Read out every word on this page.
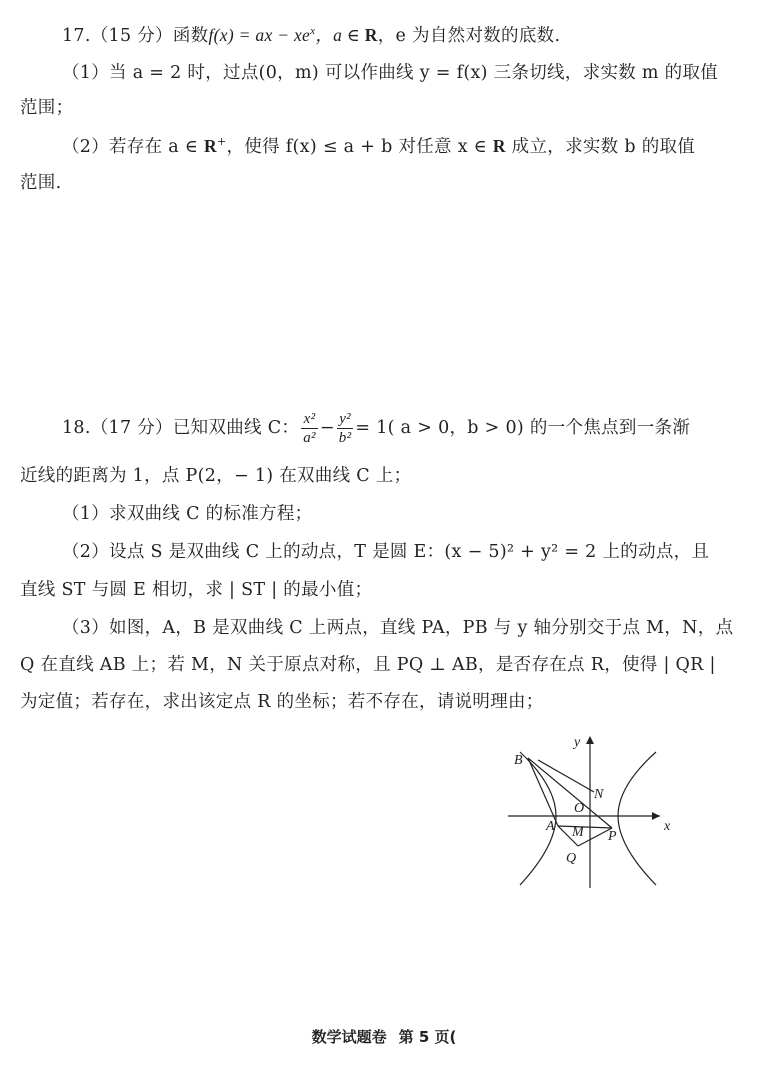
17.（15 分）函数f(x) = ax − $xe^x$，a ∈ R，e 为自然对数的底数.
（1）当 a = 2 时，过点(0，m) 可以作曲线 y = f(x) 三条切线，求实数 m 的取值
范围；
（2）若存在 a ∈ R+，使得 f(x) ≤ a + b 对任意 x ∈ R 成立，求实数 b 的取值
范围.
18.（17 分）已知双曲线 C： $\frac{\text{x²}}{\text{a²}} - \frac{\text{y²}}{\text{b²}} = 1$( a > 0，b > 0) 的一个焦点到一条渐
近线的距离为 1，点 P(2，− 1) 在双曲线 C 上；
（1）求双曲线 C 的标准方程；
（2）设点 S 是双曲线 C 上的动点，T 是圆 E：(x − 5)² + y² = 2 上的动点，且
直线 ST 与圆 E 相切，求 | ST | 的最小值；
（3）如图，A，B 是双曲线 C 上两点，直线 PA，PB 与 y 轴分别交于点 M，N，点
Q 在直线 AB 上；若 M，N 关于原点对称，且 PQ ⊥ AB，是否存在点 R，使得 | QR |
为定值；若存在，求出该定点 R 的坐标；若不存在，请说明理由；
y
x
B
N
O
A M P
Q
数学试题卷 第 5 页(
